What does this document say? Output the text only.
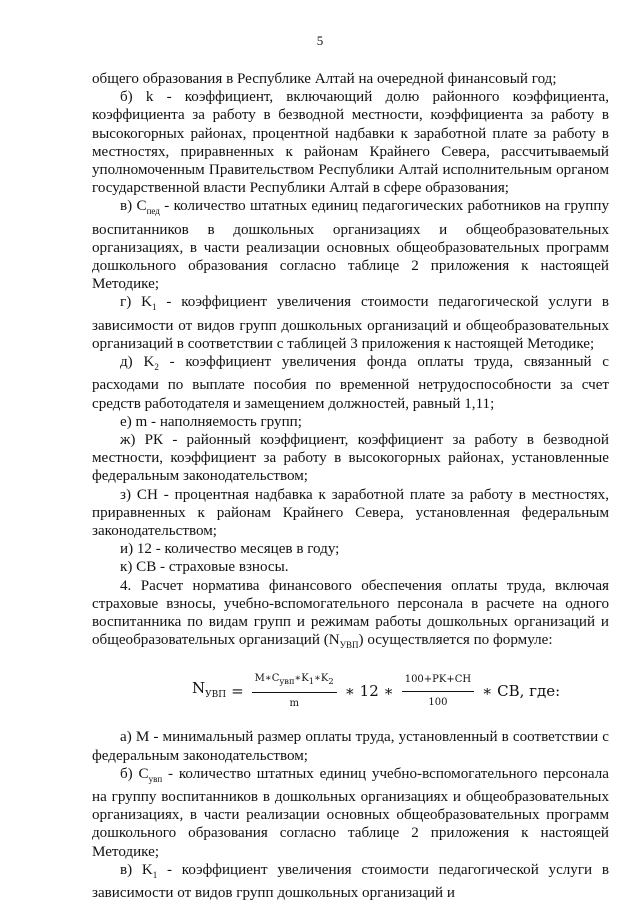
5

общего образования в Республике Алтай на очередной финансовый год;

б) k - коэффициент, включающий долю районного коэффициента, коэффициента за работу в безводной местности, коэффициента за работу в высокогорных районах, процентной надбавки к заработной плате за работу в местностях, приравненных к районам Крайнего Севера, рассчитываемый уполномоченным Правительством Республики Алтай исполнительным органом государственной власти Республики Алтай в сфере образования;

в) $C_{пед}$ - количество штатных единиц педагогических работников на группу воспитанников в дошкольных организациях и общеобразовательных организациях, в части реализации основных общеобразовательных программ дошкольного образования согласно таблице 2 приложения к настоящей Методике;

г) $K_1$ - коэффициент увеличения стоимости педагогической услуги в зависимости от видов групп дошкольных организаций и общеобразовательных организаций в соответствии с таблицей 3 приложения к настоящей Методике;

д) $K_2$ - коэффициент увеличения фонда оплаты труда, связанный с расходами по выплате пособия по временной нетрудоспособности за счет средств работодателя и замещением должностей, равный 1,11;

е) m - наполняемость групп;

ж) РК - районный коэффициент, коэффициент за работу в безводной местности, коэффициент за работу в высокогорных районах, установленные федеральным законодательством;

з) СН - процентная надбавка к заработной плате за работу в местностях, приравненных к районам Крайнего Севера, установленная федеральным законодательством;

и) 12 - количество месяцев в году;

к) СВ - страховые взносы.

4. Расчет норматива финансового обеспечения оплаты труда, включая страховые взносы, учебно-вспомогательного персонала в расчете на одного воспитанника по видам групп и режимам работы дошкольных организаций и общеобразовательных организаций $(N_{УВП})$ осуществляется по формуле:

$N_{УВП} = \frac{M∗C_{увп}∗K_1∗K_2}{m}$ ∗ 12 ∗ $\frac{100+PK+CH}{100}$ ∗ CB, где:

а) М - минимальный размер оплаты труда, установленный в соответствии с федеральным законодательством;

б) $С_{увп}$ - количество штатных единиц учебно-вспомогательного персонала на группу воспитанников в дошкольных организациях и общеобразовательных организациях, в части реализации основных общеобразовательных программ дошкольного образования согласно таблице 2 приложения к настоящей Методике;

в) $K_1$ - коэффициент увеличения стоимости педагогической услуги в зависимости от видов групп дошкольных организаций и
